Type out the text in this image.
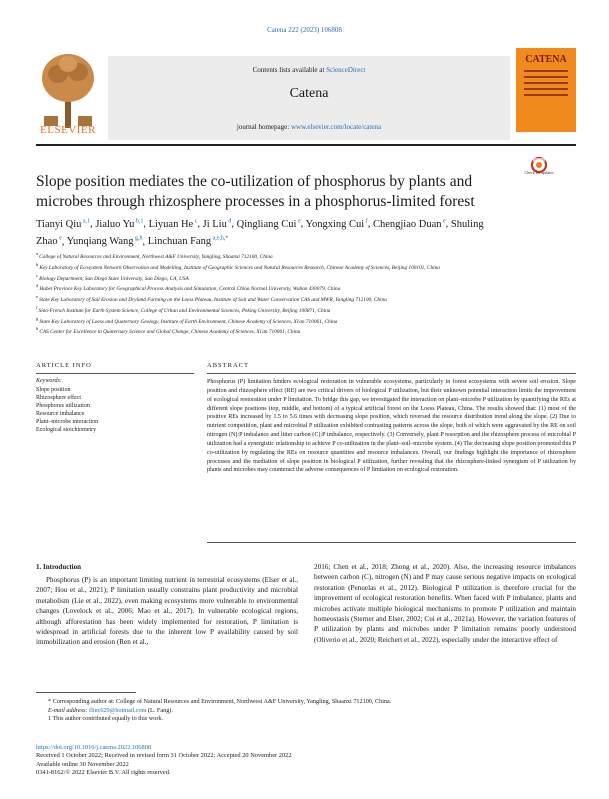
Catena 222 (2023) 106808
ELSEVIER
Contents lists available at ScienceDirect
Catena
journal homepage: www.elsevier.com/locate/catena
CATENA
Check for updates
Slope position mediates the co-utilization of phosphorus by plants and microbes through rhizosphere processes in a phosphorus-limited forest
Tianyi Qiu $^{a,1}$, Jialuo Yu $^{b,1}$, Liyuan He $^c$, Ji Liu $^d$, Qingliang Cui $^e$, Yongxing Cui $^f$, Chengjiao Duan $^e$, Shuling Zhao $^e$, Yunqiang Wang $^{g,h}$, Linchuan Fang $^{a,e,h,*}$
$^a$ College of Natural Resources and Environment, Northwest A&F University, Yangling, Shaanxi 712100, China
$^b$ Key Laboratory of Ecosystem Network Observation and Modelling, Institute of Geographic Sciences and Natural Resources Research, Chinese Academy of Sciences, Beijing 100101, China
$^c$ Biology Department, San Diego State University, San Diego, CA, USA
$^d$ Hubei Province Key Laboratory for Geographical Process Analysis and Simulation, Central China Normal University, Wuhan 430079, China
$^e$ State Key Laboratory of Soil Erosion and Dryland Farming on the Loess Plateau, Institute of Soil and Water Conservation CAS and MWR, Yangling 712100, China
$^f$ Sino-French Institute for Earth System Science, College of Urban and Environmental Sciences, Peking University, Beijing 100871, China
$^g$ State Key Laboratory of Loess and Quaternary Geology, Institute of Earth Environment, Chinese Academy of Sciences, Xi'an 710061, China
$^h$ CAS Center for Excellence in Quaternary Science and Global Change, Chinese Academy of Sciences, Xi'an 710061, China
ARTICLE INFO
Keywords:
Slope position
Rhizosphere effect
Phosphorus utilization
Resource imbalance
Plant–microbe interaction
Ecological stoichiometry
ABSTRACT
Phosphorus (P) limitation hinders ecological restoration in vulnerable ecosystems, particularly in forest ecosystems with severe soil erosion. Slope position and rhizosphere effect (RE) are two critical drivers of biological P utilization, but their unknown potential interaction limits the improvement of ecological restoration under P limitation. To bridge this gap, we investigated the interaction on plant–microbe P utilization by quantifying the REs at different slope positions (top, middle, and bottom) of a typical artificial forest on the Loess Plateau, China. The results showed that: (1) most of the positive REs increased by 1.5 to 5.6 times with decreasing slope position, which reversed the resource distribution trend along the slope. (2) Due to nutrient competition, plant and microbial P utilization exhibited contrasting patterns across the slope, both of which were aggravated by the RE on soil nitrogen (N):P imbalance and litter carbon (C):P imbalance, respectively. (3) Conversely, plant P resorption and the rhizosphere process of microbial P utilization had a synergistic relationship to achieve P co-utilization in the plant–soil–microbe system. (4) The decreasing slope position promoted this P co-utilization by regulating the REs on resource quantities and resource imbalances. Overall, our findings highlight the importance of rhizosphere processes and the mediation of slope position in biological P utilization, further revealing that the rhizosphere-linked synergism of P utilization by plants and microbes may counteract the adverse consequences of P limitation on ecological restoration.
1. Introduction
Phosphorus (P) is an important limiting nutrient in terrestrial ecosystems (Elser et al., 2007; Hou et al., 2021); P limitation usually constrains plant productivity and microbial metabolism (Lie et al., 2022), even making ecosystems more vulnerable to environmental changes (Lovelock et al., 2006; Mao et al., 2017). In vulnerable ecological regions, although afforestation has been widely implemented for restoration, P limitation is widespread in artificial forests due to the inherent low P availability caused by soil immobilization and erosion (Ren et al.,
2016; Chen et al., 2018; Zhong et al., 2020). Also, the increasing resource imbalances between carbon (C), nitrogen (N) and P may cause serious negative impacts on ecological restoration (Penuelas et al., 2012). Biological P utilization is therefore crucial for the improvement of ecological restoration benefits. When faced with P imbalance, plants and microbes activate multiple biological mechanisms to promote P utilization and maintain homeostasis (Sterner and Elser, 2002; Cui et al., 2021a). However, the variation features of P utilization by plants and microbes under P limitation remains poorly understood (Oliverio et al., 2020; Reichert et al., 2022), especially under the interactive effect of
* Corresponding author at: College of Natural Resources and Environment, Northwest A&F University, Yangling, Shaanxi 712100, China.
E-mail address: flinc629@hotmail.com (L. Fang).
1 This author contributed equally to this work.
https://doi.org/10.1016/j.catena.2022.106808
Received 1 October 2022; Received in revised form 31 October 2022; Accepted 20 November 2022
Available online 30 November 2022
0341-8162/© 2022 Elsevier B.V. All rights reserved.
